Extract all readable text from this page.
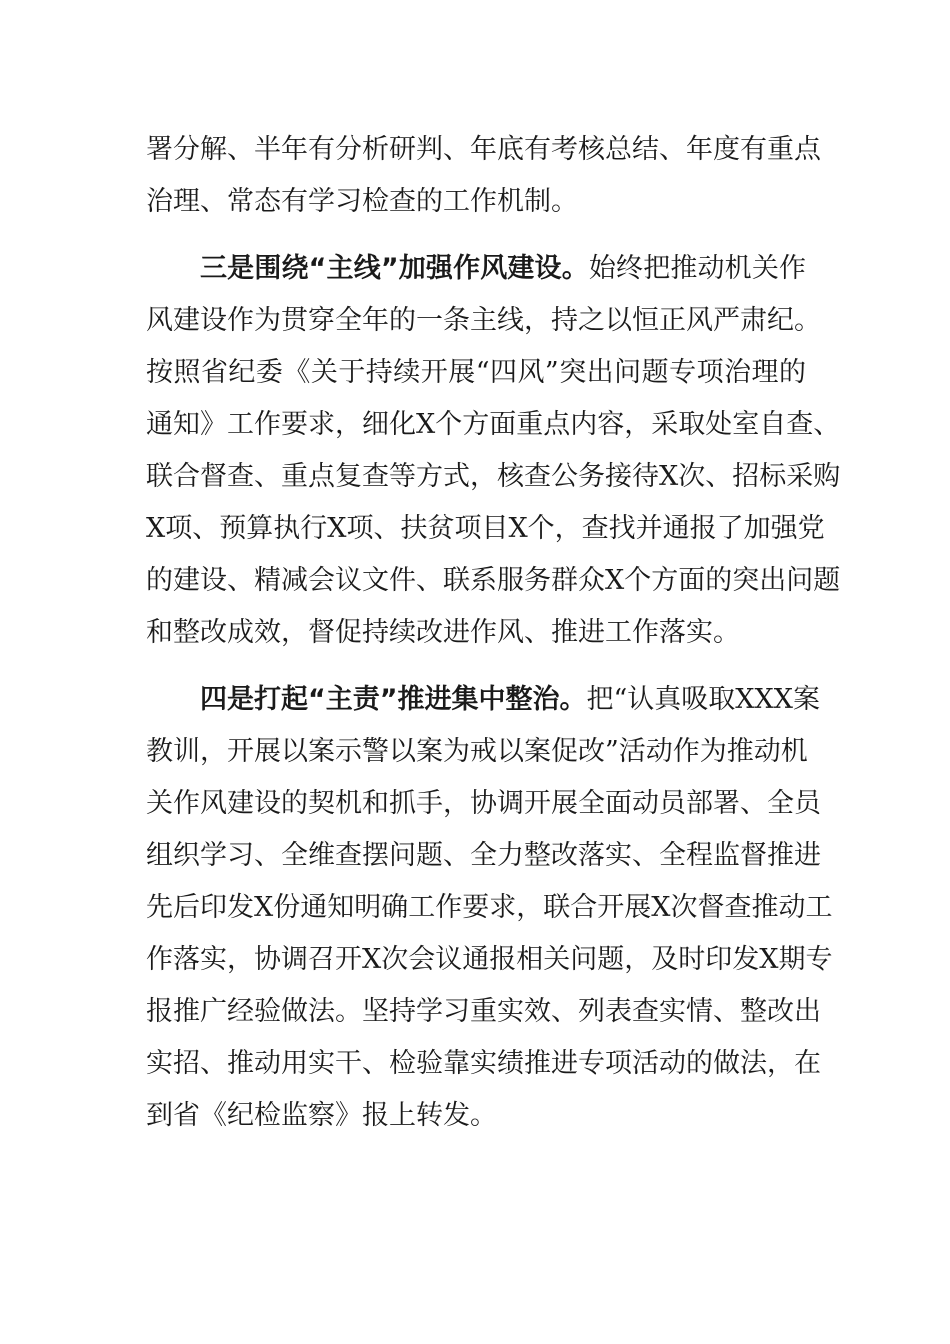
署分解、半年有分析研判、年底有考核总结、年度有重点
治理、常态有学习检查的工作机制。
三是围绕“主线”加强作风建设。始终把推动机关作
风建设作为贯穿全年的一条主线，持之以恒正风严肃纪。
按照省纪委《关于持续开展“四风”突出问题专项治理的
通知》工作要求，细化X个方面重点内容，采取处室自查、
联合督查、重点复查等方式，核查公务接待X次、招标采购
X项、预算执行X项、扶贫项目X个，查找并通报了加强党
的建设、精减会议文件、联系服务群众X个方面的突出问题
和整改成效，督促持续改进作风、推进工作落实。
四是打起“主责”推进集中整治。把“认真吸取XXX案
教训，开展以案示警以案为戒以案促改”活动作为推动机
关作风建设的契机和抓手，协调开展全面动员部署、全员
组织学习、全维查摆问题、全力整改落实、全程监督推进
先后印发X份通知明确工作要求，联合开展X次督查推动工
作落实，协调召开X次会议通报相关问题，及时印发X期专
报推广经验做法。坚持学习重实效、列表查实情、整改出
实招、推动用实干、检验靠实绩推进专项活动的做法，在
到省《纪检监察》报上转发。
